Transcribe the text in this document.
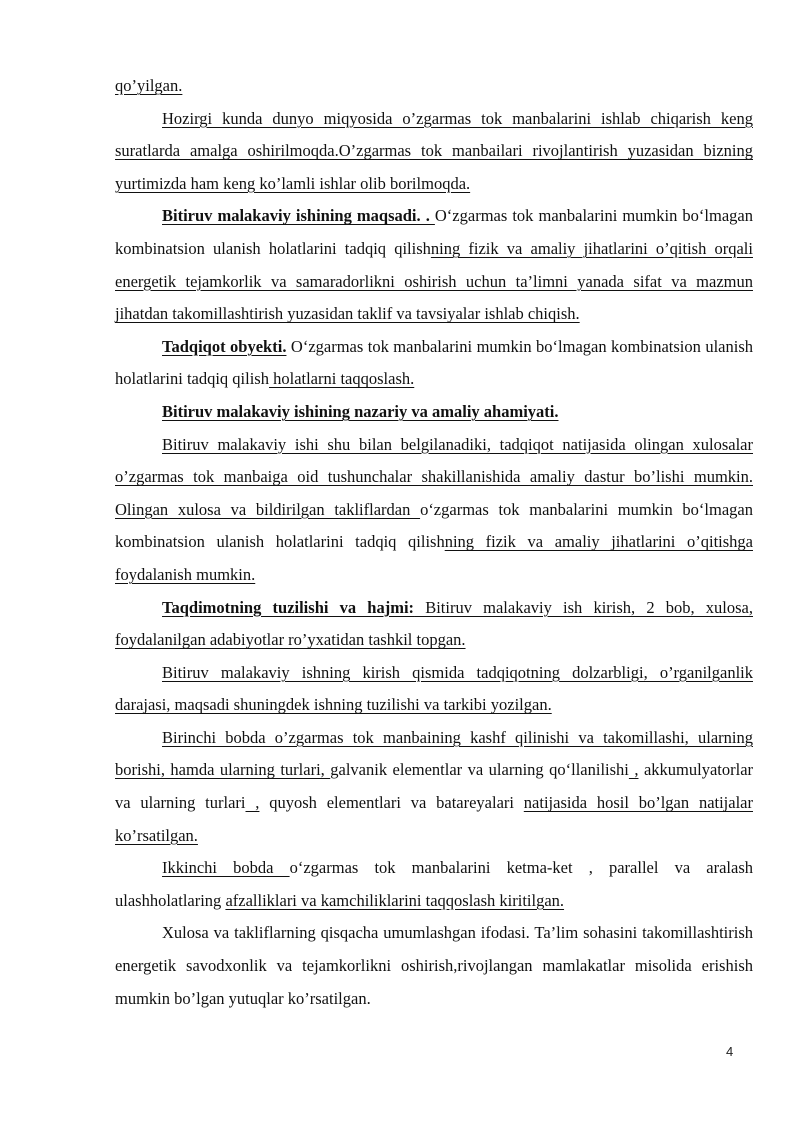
qo’yilgan.

Hozirgi kunda dunyo miqyosida o’zgarmas tok manbalarini ishlab chiqarish keng suratlarda amalga oshirilmoqda.O’zgarmas tok manbailari rivojlantirish yuzasidan bizning yurtimizda ham keng ko’lamli ishlar olib borilmoqda.

Bitiruv malakaviy ishining maqsadi. . O‘zgarmas tok manbalarini mumkin bo‘lmagan kombinatsion ulanish holatlarini tadqiq qilishning fizik va amaliy jihatlarini o’qitish orqali energetik tejamkorlik va samaradorlikni oshirish uchun ta’limni yanada sifat va mazmun jihatdan takomillashtirish yuzasidan taklif va tavsiyalar ishlab chiqish.

Tadqiqot obyekti. O‘zgarmas tok manbalarini mumkin bo‘lmagan kombinatsion ulanish holatlarini tadqiq qilish holatlarni taqqoslash.

Bitiruv malakaviy ishining nazariy va amaliy ahamiyati.

Bitiruv malakaviy ishi shu bilan belgilanadiki, tadqiqot natijasida olingan xulosalar o’zgarmas tok manbaiga oid tushunchalar shakillanishida amaliy dastur bo’lishi mumkin. Olingan xulosa va bildirilgan takliflardan o‘zgarmas tok manbalarini mumkin bo‘lmagan kombinatsion ulanish holatlarini tadqiq qilishning fizik va amaliy jihatlarini o’qitishga foydalanish mumkin.

Taqdimotning tuzilishi va hajmi: Bitiruv malakaviy ish kirish, 2 bob, xulosa, foydalanilgan adabiyotlar ro’yxatidan tashkil topgan.

Bitiruv malakaviy ishning kirish qismida tadqiqotning dolzarbligi, o’rganilganlik darajasi, maqsadi shuningdek ishning tuzilishi va tarkibi yozilgan.

Birinchi bobda o’zgarmas tok manbaining kashf qilinishi va takomillashi, ularning borishi, hamda ularning turlari, galvanik elementlar va ularning qo‘llanilishi , akkumulyatorlar va ularning turlari , quyosh elementlari va batareyalari natijasida hosil bo’lgan natijalar ko’rsatilgan.

Ikkinchi bobda o‘zgarmas tok manbalarini ketma-ket , parallel va aralash ulashholatlaring afzalliklari va kamchiliklarini taqqoslash kiritilgan.

Xulosa va takliflarning qisqacha umumlashgan ifodasi. Ta’lim sohasini takomillashtirish energetik savodxonlik va tejamkorlikni oshirish,rivojlangan mamlakatlar misolida erishish mumkin bo’lgan yutuqlar ko’rsatilgan.

4
